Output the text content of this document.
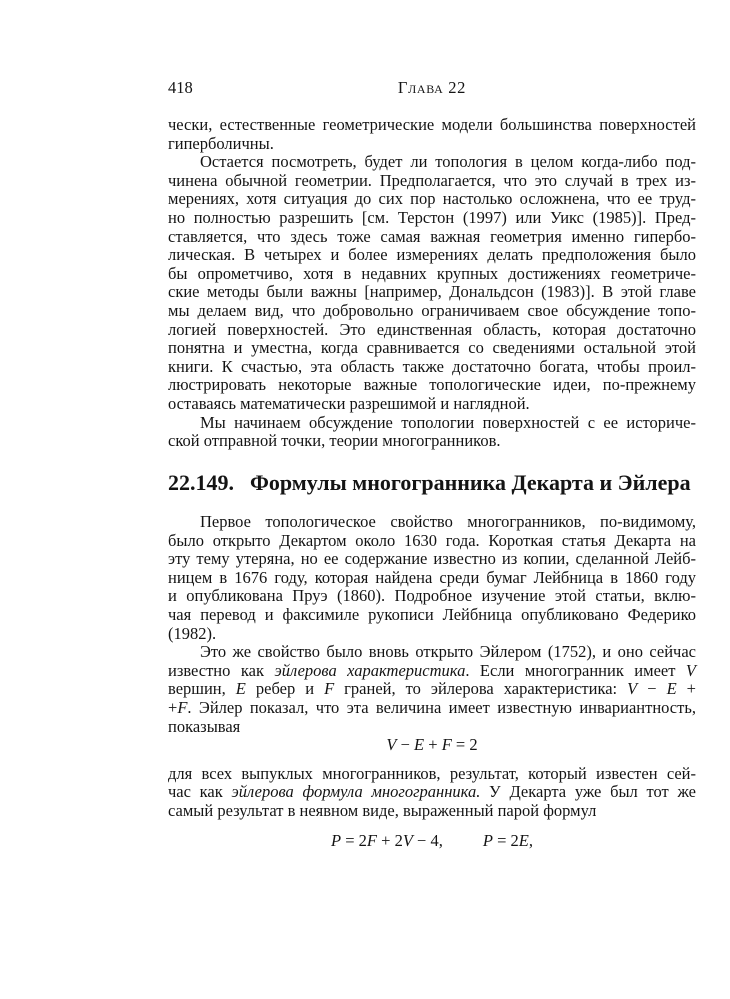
418	Глава 22
чески, естественные геометрические модели большинства поверхностей
гиперболичны.
Остается посмотреть, будет ли топология в целом когда-либо под-
чинена обычной геометрии. Предполагается, что это случай в трех из-
мерениях, хотя ситуация до сих пор настолько осложнена, что ее труд-
но полностью разрешить [см. Терстон (1997) или Уикс (1985)]. Пред-
ставляется, что здесь тоже самая важная геометрия именно гипербо-
лическая. В четырех и более измерениях делать предположения было
бы опрометчиво, хотя в недавних крупных достижениях геометриче-
ские методы были важны [например, Дональдсон (1983)]. В этой главе
мы делаем вид, что добровольно ограничиваем свое обсуждение топо-
логией поверхностей. Это единственная область, которая достаточно
понятна и уместна, когда сравнивается со сведениями остальной этой
книги. К счастью, эта область также достаточно богата, чтобы проил-
люстрировать некоторые важные топологические идеи, по-прежнему
оставаясь математически разрешимой и наглядной.
Мы начинаем обсуждение топологии поверхностей с ее историче-
ской отправной точки, теории многогранников.
22.149. Формулы многогранника Декарта и Эйлера
Первое топологическое свойство многогранников, по-видимому,
было открыто Декартом около 1630 года. Короткая статья Декарта на
эту тему утеряна, но ее содержание известно из копии, сделанной Лейб-
ницем в 1676 году, которая найдена среди бумаг Лейбница в 1860 году
и опубликована Пруэ (1860). Подробное изучение этой статьи, вклю-
чая перевод и факсимиле рукописи Лейбница опубликовано Федерико
(1982).
Это же свойство было вновь открыто Эйлером (1752), и оно сейчас
известно как эйлерова характеристика. Если многогранник имеет V
вершин, E ребер и F граней, то эйлерова характеристика: V − E +
+F. Эйлер показал, что эта величина имеет известную инвариантность,
показывая
V − E + F = 2
для всех выпуклых многогранников, результат, который известен сей-
час как эйлерова формула многогранника. У Декарта уже был тот же
самый результат в неявном виде, выраженный парой формул
P = 2F + 2V − 4, P = 2E,
